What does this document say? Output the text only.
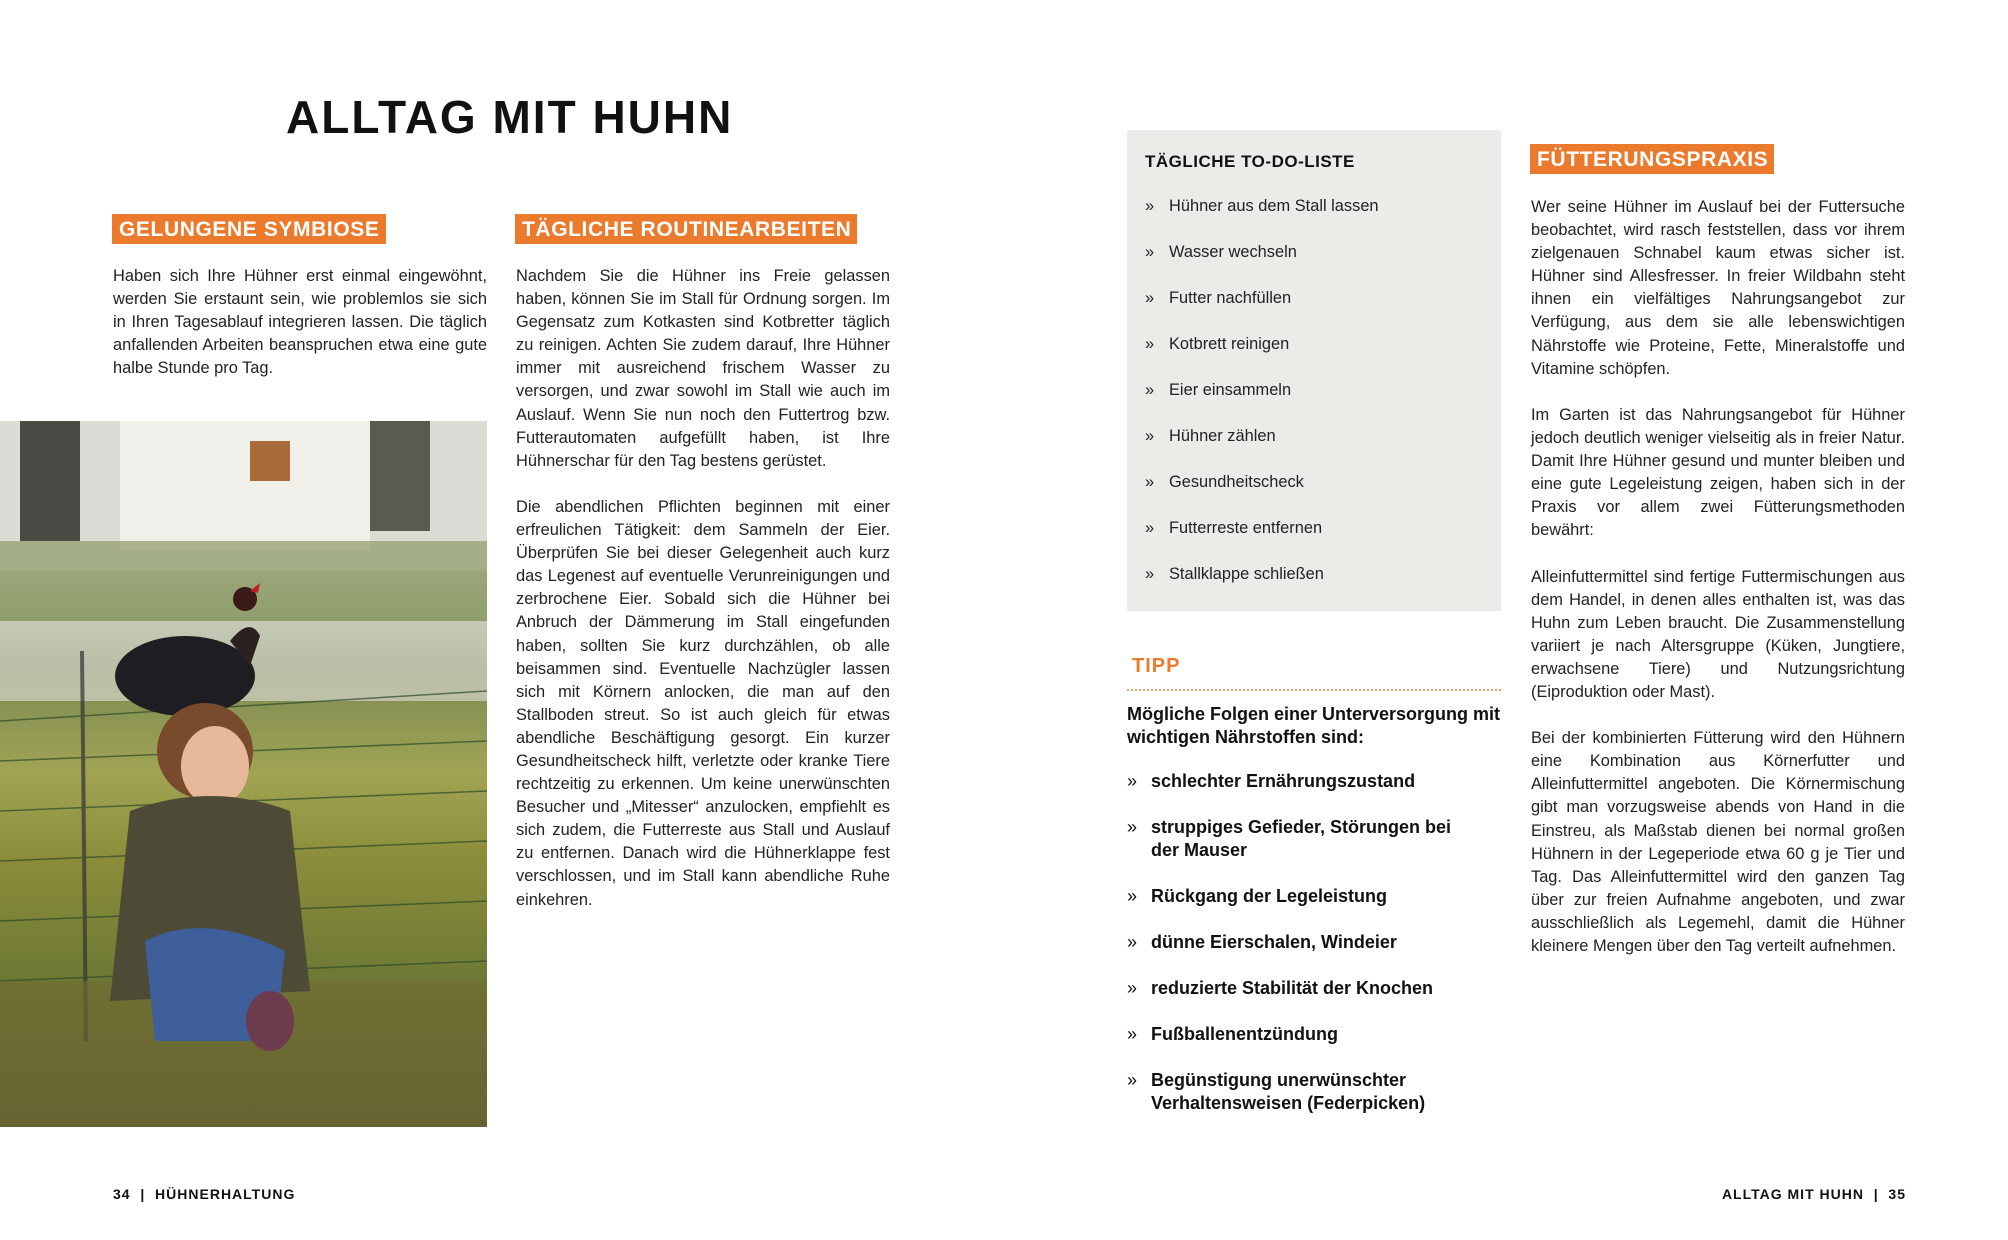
ALLTAG MIT HUHN
GELUNGENE SYMBIOSE

Haben sich Ihre Hühner erst einmal eingewöhnt, werden Sie erstaunt sein, wie problemlos sie sich in Ihren Tagesablauf integrieren lassen. Die täglich anfallenden Arbeiten beanspruchen etwa eine gute halbe Stunde pro Tag.

TÄGLICHE ROUTINEARBEITEN

Nachdem Sie die Hühner ins Freie gelassen haben, können Sie im Stall für Ordnung sorgen. Im Gegensatz zum Kotkasten sind Kotbretter täglich zu reinigen. Achten Sie zudem darauf, Ihre Hühner immer mit ausreichend frischem Wasser zu versorgen, und zwar sowohl im Stall wie auch im Auslauf. Wenn Sie nun noch den Futtertrog bzw. Futterautomaten aufgefüllt haben, ist Ihre Hühnerschar für den Tag bestens gerüstet.

Die abendlichen Pflichten beginnen mit einer erfreulichen Tätigkeit: dem Sammeln der Eier. Überprüfen Sie bei dieser Gelegenheit auch kurz das Legenest auf eventuelle Verunreinigungen und zerbrochene Eier. Sobald sich die Hühner bei Anbruch der Dämmerung im Stall eingefunden haben, sollten Sie kurz durchzählen, ob alle beisammen sind. Eventuelle Nachzügler lassen sich mit Körnern anlocken, die man auf den Stallboden streut. So ist auch gleich für etwas abendliche Beschäftigung gesorgt. Ein kurzer Gesundheitscheck hilft, verletzte oder kranke Tiere rechtzeitig zu erkennen. Um keine unerwünschten Besucher und „Mitesser“ anzulocken, empfiehlt es sich zudem, die Futterreste aus Stall und Auslauf zu entfernen. Danach wird die Hühnerklappe fest verschlossen, und im Stall kann abendliche Ruhe einkehren.

TÄGLICHE TO-DO-LISTE
» Hühner aus dem Stall lassen
» Wasser wechseln
» Futter nachfüllen
» Kotbrett reinigen
» Eier einsammeln
» Hühner zählen
» Gesundheitscheck
» Futterreste entfernen
» Stallklappe schließen
TIPP
Mögliche Folgen einer Unterversorgung mit wichtigen Nährstoffen sind:
» schlechter Ernährungszustand
» struppiges Gefieder, Störungen bei der Mauser
» Rückgang der Legeleistung
» dünne Eierschalen, Windeier
» reduzierte Stabilität der Knochen
» Fußballenentzündung
» Begünstigung unerwünschter Verhaltensweisen (Federpicken)
FÜTTERUNGSPRAXIS

Wer seine Hühner im Auslauf bei der Futtersuche beobachtet, wird rasch feststellen, dass vor ihrem zielgenauen Schnabel kaum etwas sicher ist. Hühner sind Allesfresser. In freier Wildbahn steht ihnen ein vielfältiges Nahrungsangebot zur Verfügung, aus dem sie alle lebenswichtigen Nährstoffe wie Proteine, Fette, Mineralstoffe und Vitamine schöpfen.

Im Garten ist das Nahrungsangebot für Hühner jedoch deutlich weniger vielseitig als in freier Natur. Damit Ihre Hühner gesund und munter bleiben und eine gute Legeleistung zeigen, haben sich in der Praxis vor allem zwei Fütterungsmethoden bewährt:

Alleinfuttermittel sind fertige Futtermischungen aus dem Handel, in denen alles enthalten ist, was das Huhn zum Leben braucht. Die Zusammenstellung variiert je nach Altersgruppe (Küken, Jungtiere, erwachsene Tiere) und Nutzungsrichtung (Eiproduktion oder Mast).

Bei der kombinierten Fütterung wird den Hühnern eine Kombination aus Körnerfutter und Alleinfuttermittel angeboten. Die Körnermischung gibt man vorzugsweise abends von Hand in die Einstreu, als Maßstab dienen bei normal großen Hühnern in der Legeperiode etwa 60 g je Tier und Tag. Das Alleinfuttermittel wird den ganzen Tag über zur freien Aufnahme angeboten, und zwar ausschließlich als Legemehl, damit die Hühner kleinere Mengen über den Tag verteilt aufnehmen.

34  |  HÜHNERHALTUNG	ALLTAG MIT HUHN  |  35
